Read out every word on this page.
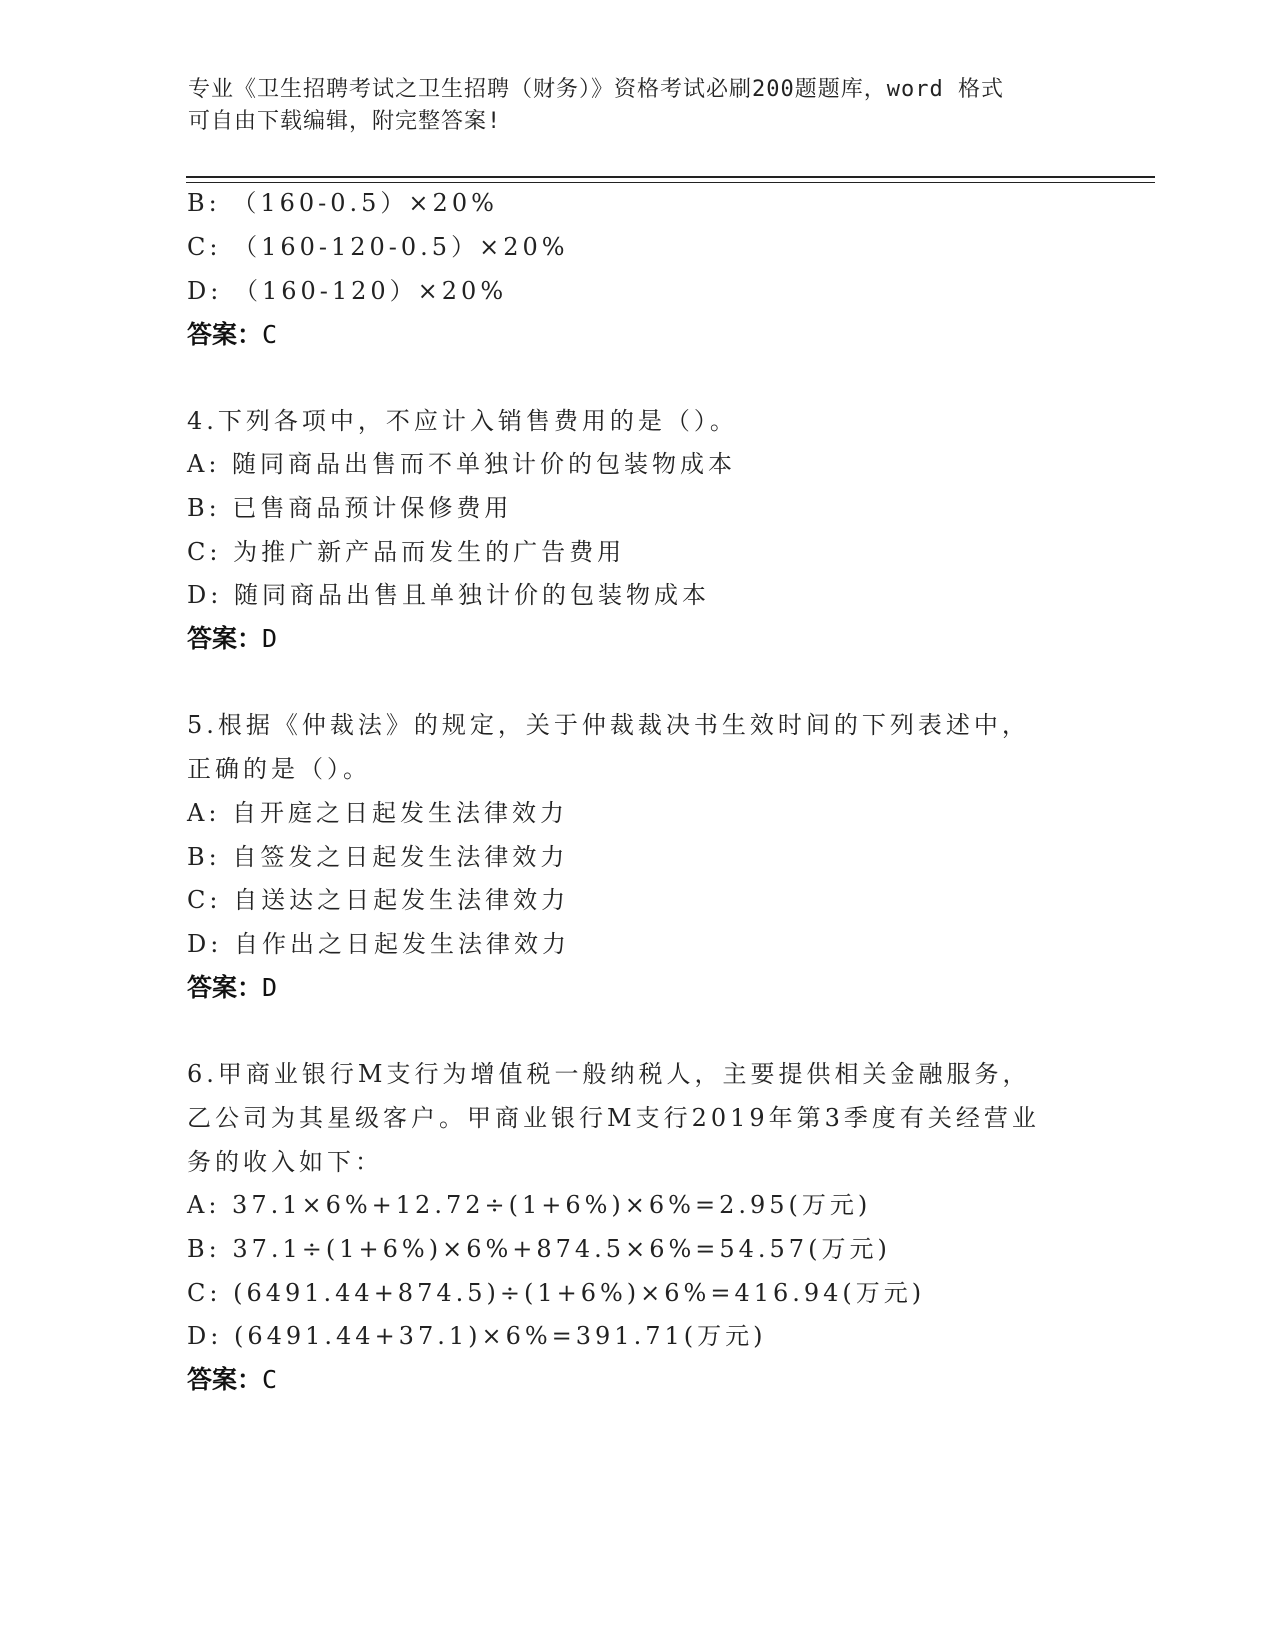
专业《卫生招聘考试之卫生招聘（财务）》资格考试必刷200题题库，word 格式
可自由下载编辑，附完整答案!
B: （160-0.5）×20%
C: （160-120-0.5）×20%
D: （160-120）×20%
答案：C
4.下列各项中，不应计入销售费用的是（）。
A: 随同商品出售而不单独计价的包装物成本
B: 已售商品预计保修费用
C: 为推广新产品而发生的广告费用
D: 随同商品出售且单独计价的包装物成本
答案：D
5.根据《仲裁法》的规定，关于仲裁裁决书生效时间的下列表述中，
正确的是（）。
A: 自开庭之日起发生法律效力
B: 自签发之日起发生法律效力
C: 自送达之日起发生法律效力
D: 自作出之日起发生法律效力
答案：D
6.甲商业银行M支行为增值税一般纳税人，主要提供相关金融服务，
乙公司为其星级客户。甲商业银行M支行2019年第3季度有关经营业
务的收入如下：
A: 37.1×6%+12.72÷(1+6%)×6%=2.95(万元)
B: 37.1÷(1+6%)×6%+874.5×6%=54.57(万元)
C: (6491.44+874.5)÷(1+6%)×6%=416.94(万元)
D: (6491.44+37.1)×6%=391.71(万元)
答案：C
